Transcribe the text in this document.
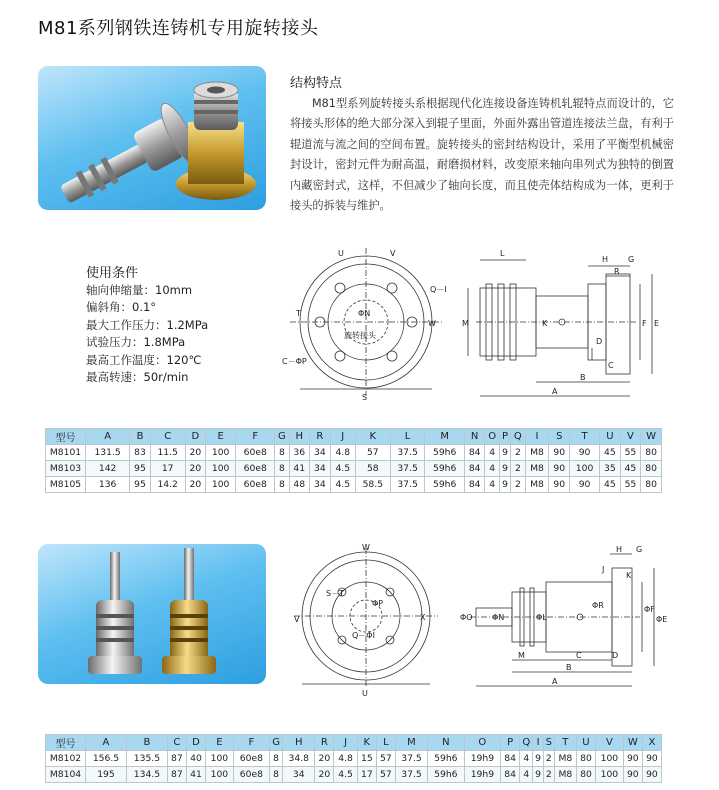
M81系列钢铁连铸机专用旋转接头
结构特点
M81型系列旋转接头系根据现代化连接设备连铸机轧辊特点而设计的，它将接头形体的绝大部分深入到辊子里面，外面外露出管道连接法兰盘，有利于辊道流与流之间的空间布置。旋转接头的密封结构设计，采用了平衡型机械密封设计，密封元件为耐高温，耐磨损材料，改变原来轴向串列式为独特的倒置内藏密封式，这样，不但减少了轴向长度，而且使壳体结构成为一体，更利于接头的拆装与维护。
使用条件
轴向伸缩量：10mm
偏斜角：0.1°
最大工作压力：1.2MPa
试验压力：1.8MPa
最高工作温度：120℃
最高转速：50r/min
U	V
Q－I
ΦN
W
T
C－ΦP
S
L
H G
R
M	K	F E
D
C
B
A
旋转接头
型号	A	B	C	D	E	F	G	H	R	J	K	L	M	N	O	P	Q	I	S	T	U	V	W
M8101	131.5	83	11.5	20	100	60e8	8	36	34	4.8	57	37.5	59h6	84	4	9	2	M8	90	90	45	55	80
M8103	142	95	17	20	100	60e8	8	41	34	4.5	58	37.5	59h6	84	4	9	2	M8	90	100	35	45	80
M8105	136	95	14.2	20	100	60e8	8	48	34	4.5	58.5	37.5	59h6	84	4	9	2	M8	90	90	45	55	80
W
S－T
ΦP
Q－ΦI
V	X
U
ΦO ΦN	ΦL
J
K
H G
ΦR	ΦF
ΦE
M	C	D
B
A
型号	A	B	C	D	E	F	G	H	R	J	K	L	M	N	O	P	Q	I	S	T	U	V	W	X
M8102	156.5	135.5	87	40	100	60e8	8	34.8	20	4.8	15	57	37.5	59h6	19h9	84	4	9	2	M8	80	100	90	90
M8104	195	134.5	87	41	100	60e8	8	34	20	4.5	17	57	37.5	59h6	19h9	84	4	9	2	M8	80	100	90	90
